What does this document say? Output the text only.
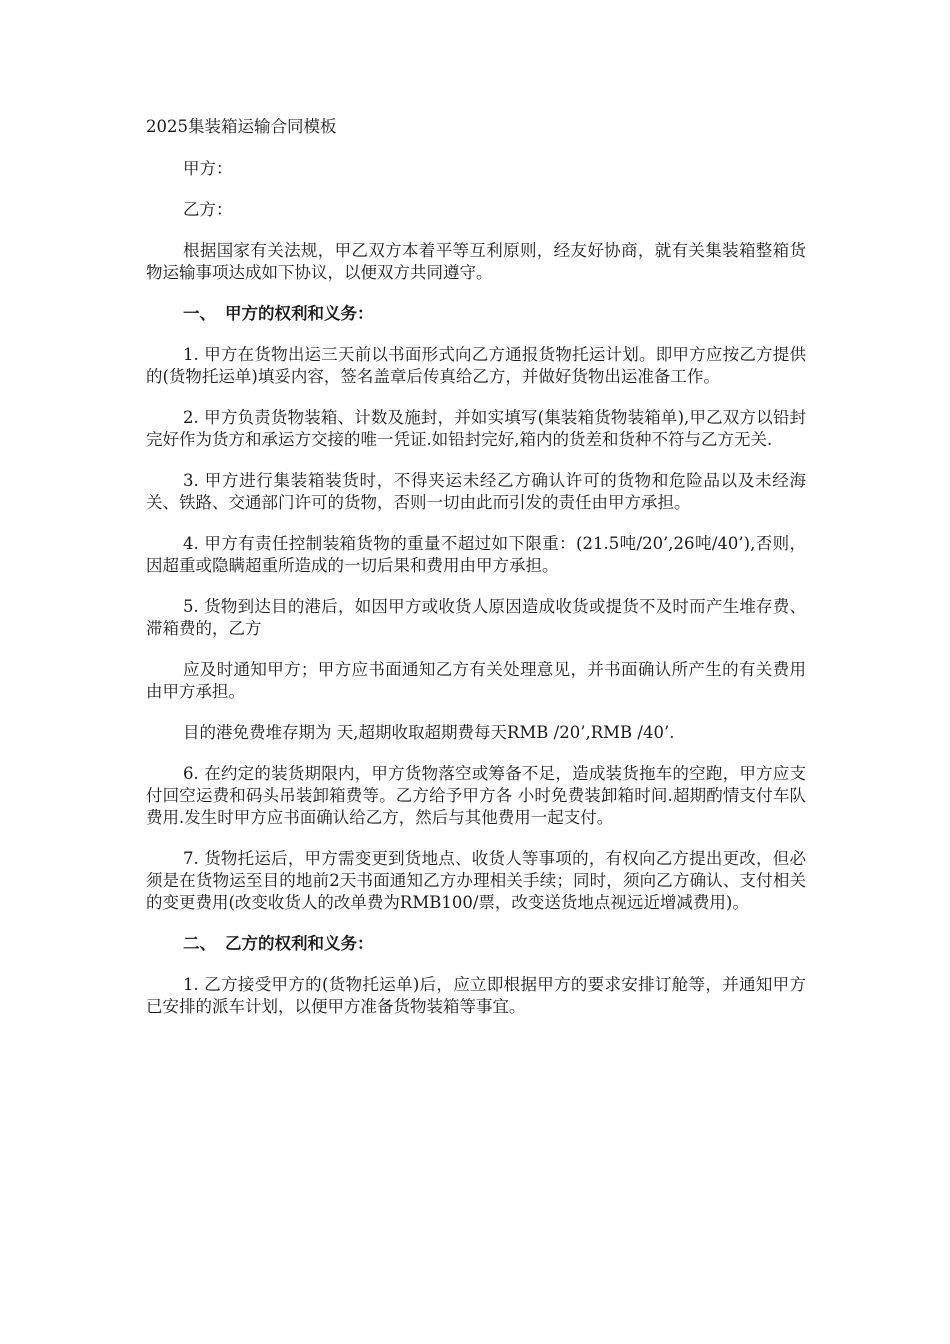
2025集装箱运输合同模板

甲方：

乙方：

根据国家有关法规，甲乙双方本着平等互利原则，经友好协商，就有关集装箱整箱货物运输事项达成如下协议，以便双方共同遵守。

一、 甲方的权利和义务：

1. 甲方在货物出运三天前以书面形式向乙方通报货物托运计划。即甲方应按乙方提供的(货物托运单)填妥内容，签名盖章后传真给乙方，并做好货物出运准备工作。

2. 甲方负责货物装箱、计数及施封，并如实填写(集装箱货物装箱单),甲乙双方以铅封完好作为货方和承运方交接的唯一凭证.如铅封完好,箱内的货差和货种不符与乙方无关.

3. 甲方进行集装箱装货时，不得夹运未经乙方确认许可的货物和危险品以及未经海关、铁路、交通部门许可的货物，否则一切由此而引发的责任由甲方承担。

4. 甲方有责任控制装箱货物的重量不超过如下限重：(21.5吨/20’,26吨/40’),否则， 因超重或隐瞒超重所造成的一切后果和费用由甲方承担。

5. 货物到达目的港后，如因甲方或收货人原因造成收货或提货不及时而产生堆存费、滞箱费的，乙方

应及时通知甲方；甲方应书面通知乙方有关处理意见，并书面确认所产生的有关费用由甲方承担。

目的港免费堆存期为 天,超期收取超期费每天RMB /20’,RMB /40’.

6. 在约定的装货期限内，甲方货物落空或筹备不足，造成装货拖车的空跑，甲方应支付回空运费和码头吊装卸箱费等。乙方给予甲方各 小时免费装卸箱时间.超期酌情支付车队费用.发生时甲方应书面确认给乙方，然后与其他费用一起支付。

7. 货物托运后，甲方需变更到货地点、收货人等事项的，有权向乙方提出更改，但必须是在货物运至目的地前2天书面通知乙方办理相关手续；同时，须向乙方确认、支付相关的变更费用(改变收货人的改单费为RMB100/票，改变送货地点视远近增减费用)。

二、 乙方的权利和义务：

1. 乙方接受甲方的(货物托运单)后，应立即根据甲方的要求安排订舱等，并通知甲方已安排的派车计划，以便甲方准备货物装箱等事宜。
